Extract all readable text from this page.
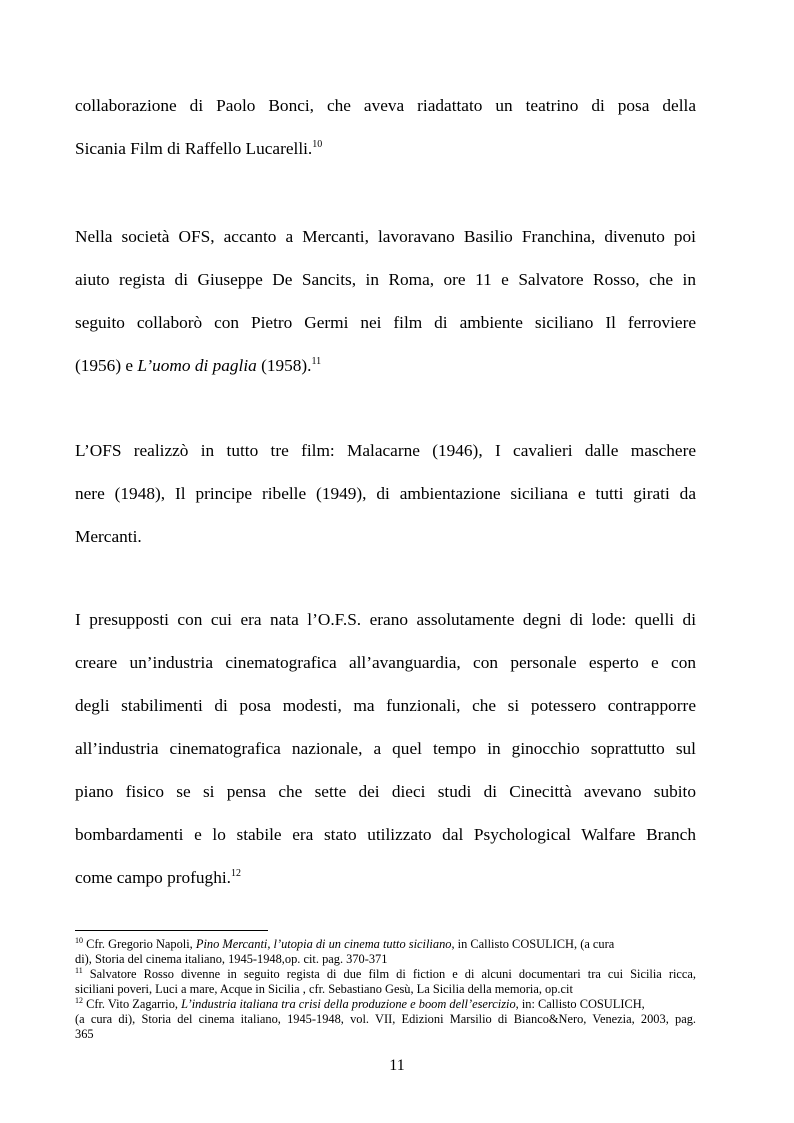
collaborazione di Paolo Bonci, che aveva riadattato un teatrino di posa della
Sicania Film di Raffello Lucarelli.$^{10}$
Nella società OFS, accanto a Mercanti, lavoravano Basilio Franchina, divenuto poi
aiuto regista di Giuseppe De Sancits, in Roma, ore 11 e Salvatore Rosso, che in
seguito collaborò con Pietro Germi nei film di ambiente siciliano Il ferroviere
(1956) e L’uomo di paglia (1958).$^{11}$
L’OFS realizzò in tutto tre film: Malacarne (1946), I cavalieri dalle maschere
nere (1948), Il principe ribelle (1949), di ambientazione siciliana e tutti girati da
Mercanti.
I presupposti con cui era nata l’O.F.S. erano assolutamente degni di lode: quelli di
creare un’industria cinematografica all’avanguardia, con personale esperto e con
degli stabilimenti di posa modesti, ma funzionali, che si potessero contrapporre
all’industria cinematografica nazionale, a quel tempo in ginocchio soprattutto sul
piano fisico se si pensa che sette dei dieci studi di Cinecittà avevano subito
bombardamenti e lo stabile era stato utilizzato dal Psychological Walfare Branch
come campo profughi.$^{12}$
$^{10}$ Cfr. Gregorio Napoli, Pino Mercanti, l’utopia di un cinema tutto siciliano, in Callisto COSULICH, (a cura
di), Storia del cinema italiano, 1945-1948,op. cit. pag. 370-371
$^{11}$ Salvatore Rosso divenne in seguito regista di due film di fiction e di alcuni documentari tra cui Sicilia ricca,
siciliani poveri, Luci a mare, Acque in Sicilia , cfr. Sebastiano Gesù, La Sicilia della memoria, op.cit
$^{12}$ Cfr. Vito Zagarrio, L’industria italiana tra crisi della produzione e boom dell’esercizio, in: Callisto COSULICH,
(a cura di), Storia del cinema italiano, 1945-1948, vol. VII, Edizioni Marsilio di Bianco&Nero, Venezia, 2003, pag.
365
11
